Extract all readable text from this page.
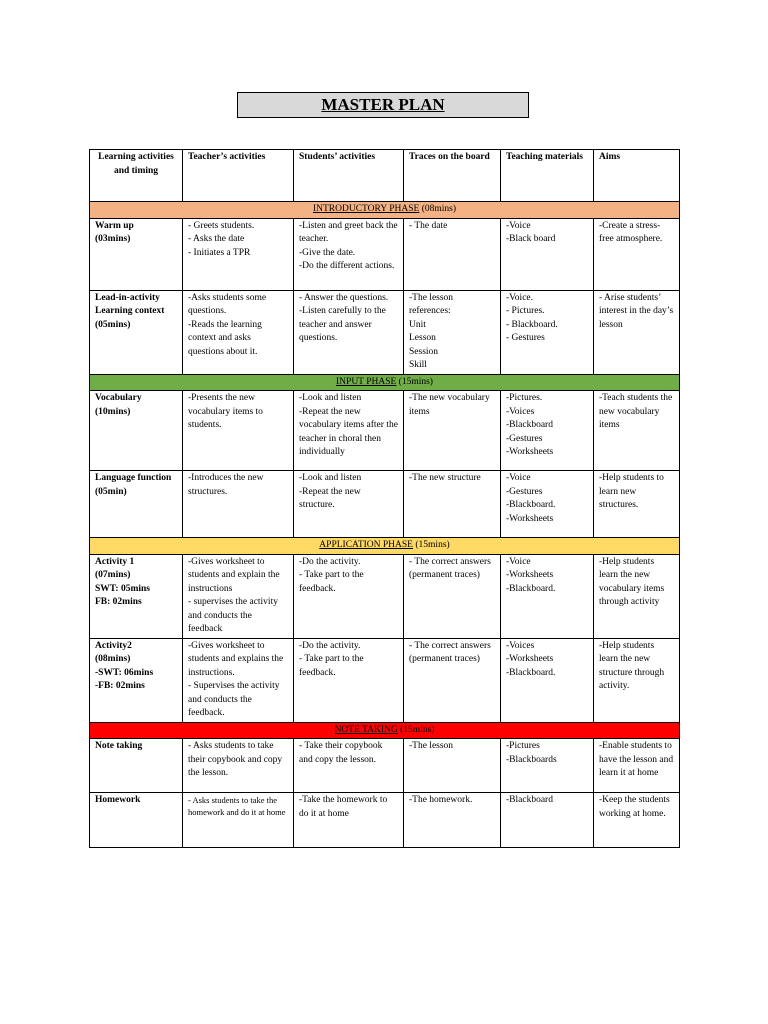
MASTER PLAN
Learning activities and timing	Teacher’s activities	Students’ activities	Traces on the board	Teaching materials	Aims
INTRODUCTORY PHASE (08mins)					

Warm up
(03mins)	- Greets students.
- Asks the date
- Initiates a TPR	-Listen and greet back the teacher.
-Give the date.
-Do the different actions.	- The date	-Voice
-Black board	-Create a stress-free atmosphere.

Lead-in-activity
Learning context
(05mins)	-Asks students some questions.
-Reads the learning context and asks questions about it.	- Answer the questions.
-Listen carefully to the teacher and answer questions.	-The lesson references:
Unit
Lesson
Session
Skill	-Voice.
- Pictures.
- Blackboard.
- Gestures	- Arise students’ interest in the day’s lesson

INPUT PHASE (15mins)					

Vocabulary
(10mins)	-Presents the new vocabulary items to students.	-Look and listen
-Repeat the new vocabulary items after the teacher in choral then individually	-The new vocabulary items	-Pictures.
-Voices
-Blackboard
-Gestures
-Worksheets	-Teach students the new vocabulary items

Language function
(05min)	-Introduces the new structures.	-Look and listen
-Repeat the new structure.	-The new structure	-Voice
-Gestures
-Blackboard.
-Worksheets	-Help students to learn new structures.

APPLICATION PHASE (15mins)					

Activity 1
(07mins)
SWT: 05mins
FB: 02mins	-Gives worksheet to students and explain the instructions
- supervises the activity and conducts the feedback	-Do the activity.
- Take part to the feedback.	- The correct answers (permanent traces)	-Voice
-Worksheets
-Blackboard.	-Help students learn the new vocabulary items through activity

Activity2
(08mins)
-SWT: 06mins
-FB: 02mins	-Gives worksheet to students and explains the instructions.
- Supervises the activity and conducts the feedback.	-Do the activity.
- Take part to the feedback.	- The correct answers (permanent traces)	-Voices
-Worksheets
-Blackboard.	-Help students learn the new structure through activity.

NOTE TAKING (15mins)					

Note taking	- Asks students to take their copybook and copy the lesson.	- Take their copybook and copy the lesson.	-The lesson	-Pictures
-Blackboards	-Enable students to have the lesson and learn it at home

Homework	- Asks students to take the homework and do it at home	-Take the homework to do it at home	-The homework.	-Blackboard	-Keep the students working at home.
